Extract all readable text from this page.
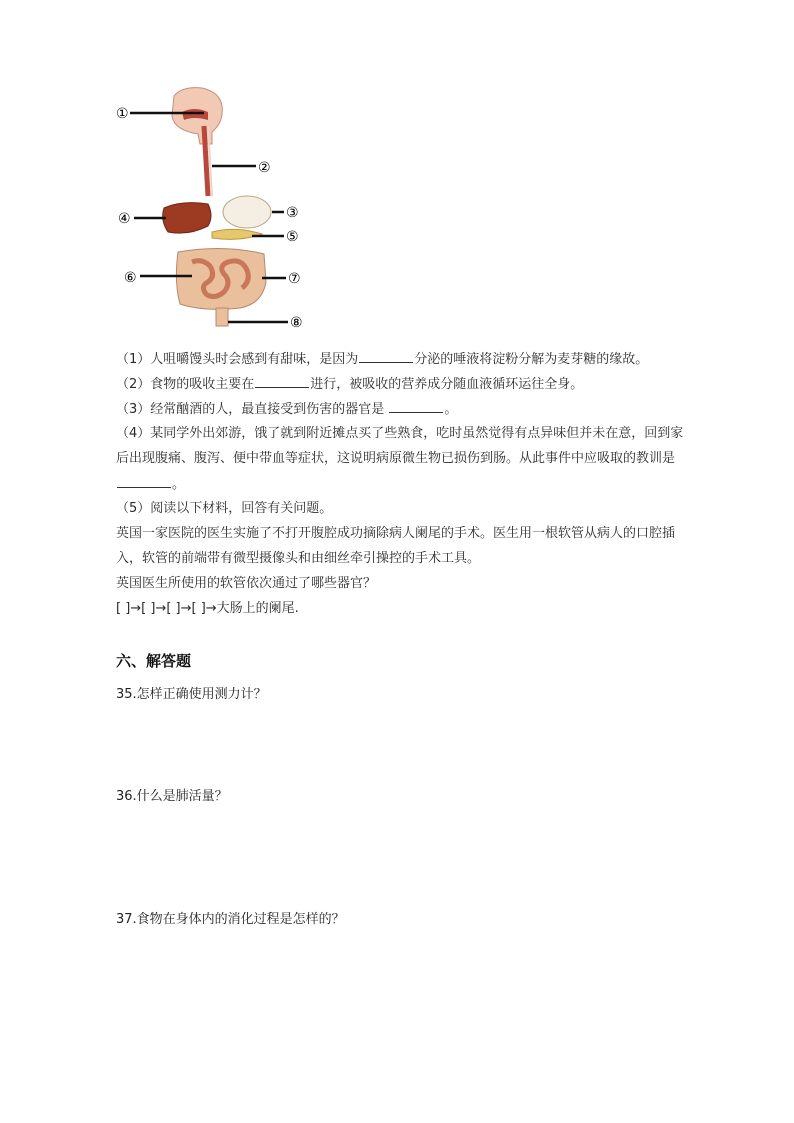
①
②
③
④
⑤
⑥	⑦
⑧
（1）人咀嚼馒头时会感到有甜味，是因为	分泌的唾液将淀粉分解为麦芽糖的缘故。
（2）食物的吸收主要在	进行，被吸收的营养成分随血液循环运往全身。
（3）经常酗酒的人，最直接受到伤害的器官是	。
（4）某同学外出郊游，饿了就到附近摊点买了些熟食，吃时虽然觉得有点异味但并未在意，回到家
后出现腹痛、腹泻、便中带血等症状，这说明病原微生物已损伤到肠。从此事件中应吸取的教训是
。
（5）阅读以下材料，回答有关问题。
英国一家医院的医生实施了不打开腹腔成功摘除病人阑尾的手术。医生用一根软管从病人的口腔插
入，软管的前端带有微型摄像头和由细丝牵引操控的手术工具。
英国医生所使用的软管依次通过了哪些器官？
[ ]→[ ]→[ ]→[ ]→大肠上的阑尾.
六、解答题
35.怎样正确使用测力计？
36.什么是肺活量？
37.食物在身体内的消化过程是怎样的？
